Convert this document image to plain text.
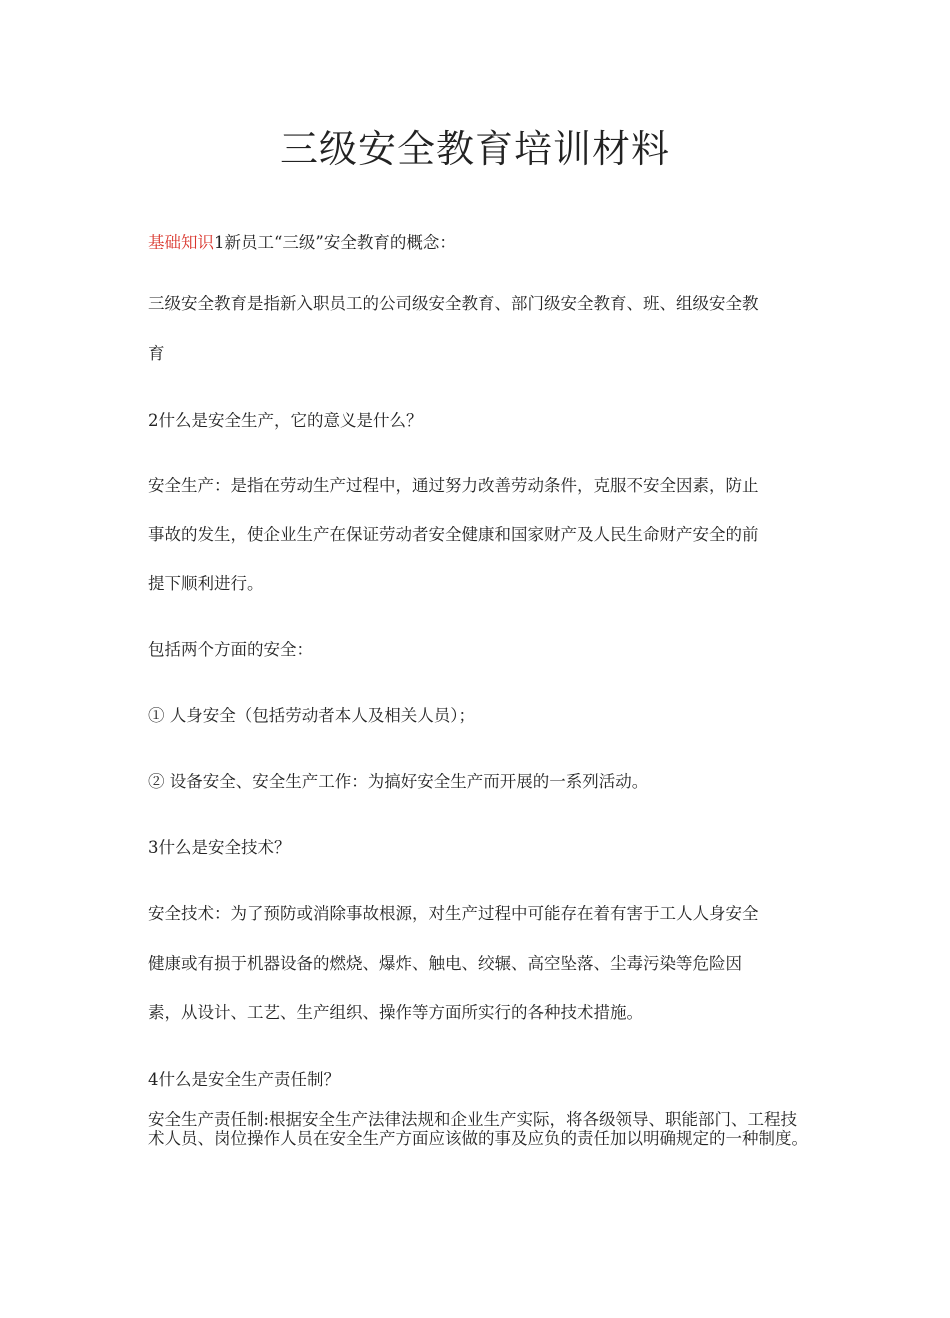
三级安全教育培训材料
基础知识1新员工“三级”安全教育的概念：
三级安全教育是指新入职员工的公司级安全教育、部门级安全教育、班、组级安全教
育
2什么是安全生产，它的意义是什么？
安全生产：是指在劳动生产过程中，通过努力改善劳动条件，克服不安全因素，防止
事故的发生，使企业生产在保证劳动者安全健康和国家财产及人民生命财产安全的前
提下顺利进行。
包括两个方面的安全：
① 人身安全（包括劳动者本人及相关人员）；
② 设备安全、安全生产工作：为搞好安全生产而开展的一系列活动。
3什么是安全技术？
安全技术：为了预防或消除事故根源，对生产过程中可能存在着有害于工人人身安全
健康或有损于机器设备的燃烧、爆炸、触电、绞辗、高空坠落、尘毒污染等危险因
素，从设计、工艺、生产组织、操作等方面所实行的各种技术措施。
4什么是安全生产责任制？
安全生产责任制:根据安全生产法律法规和企业生产实际，将各级领导、职能部门、工程技术人员、岗位操作人员在安全生产方面应该做的事及应负的责任加以明确规定的一种制度。
